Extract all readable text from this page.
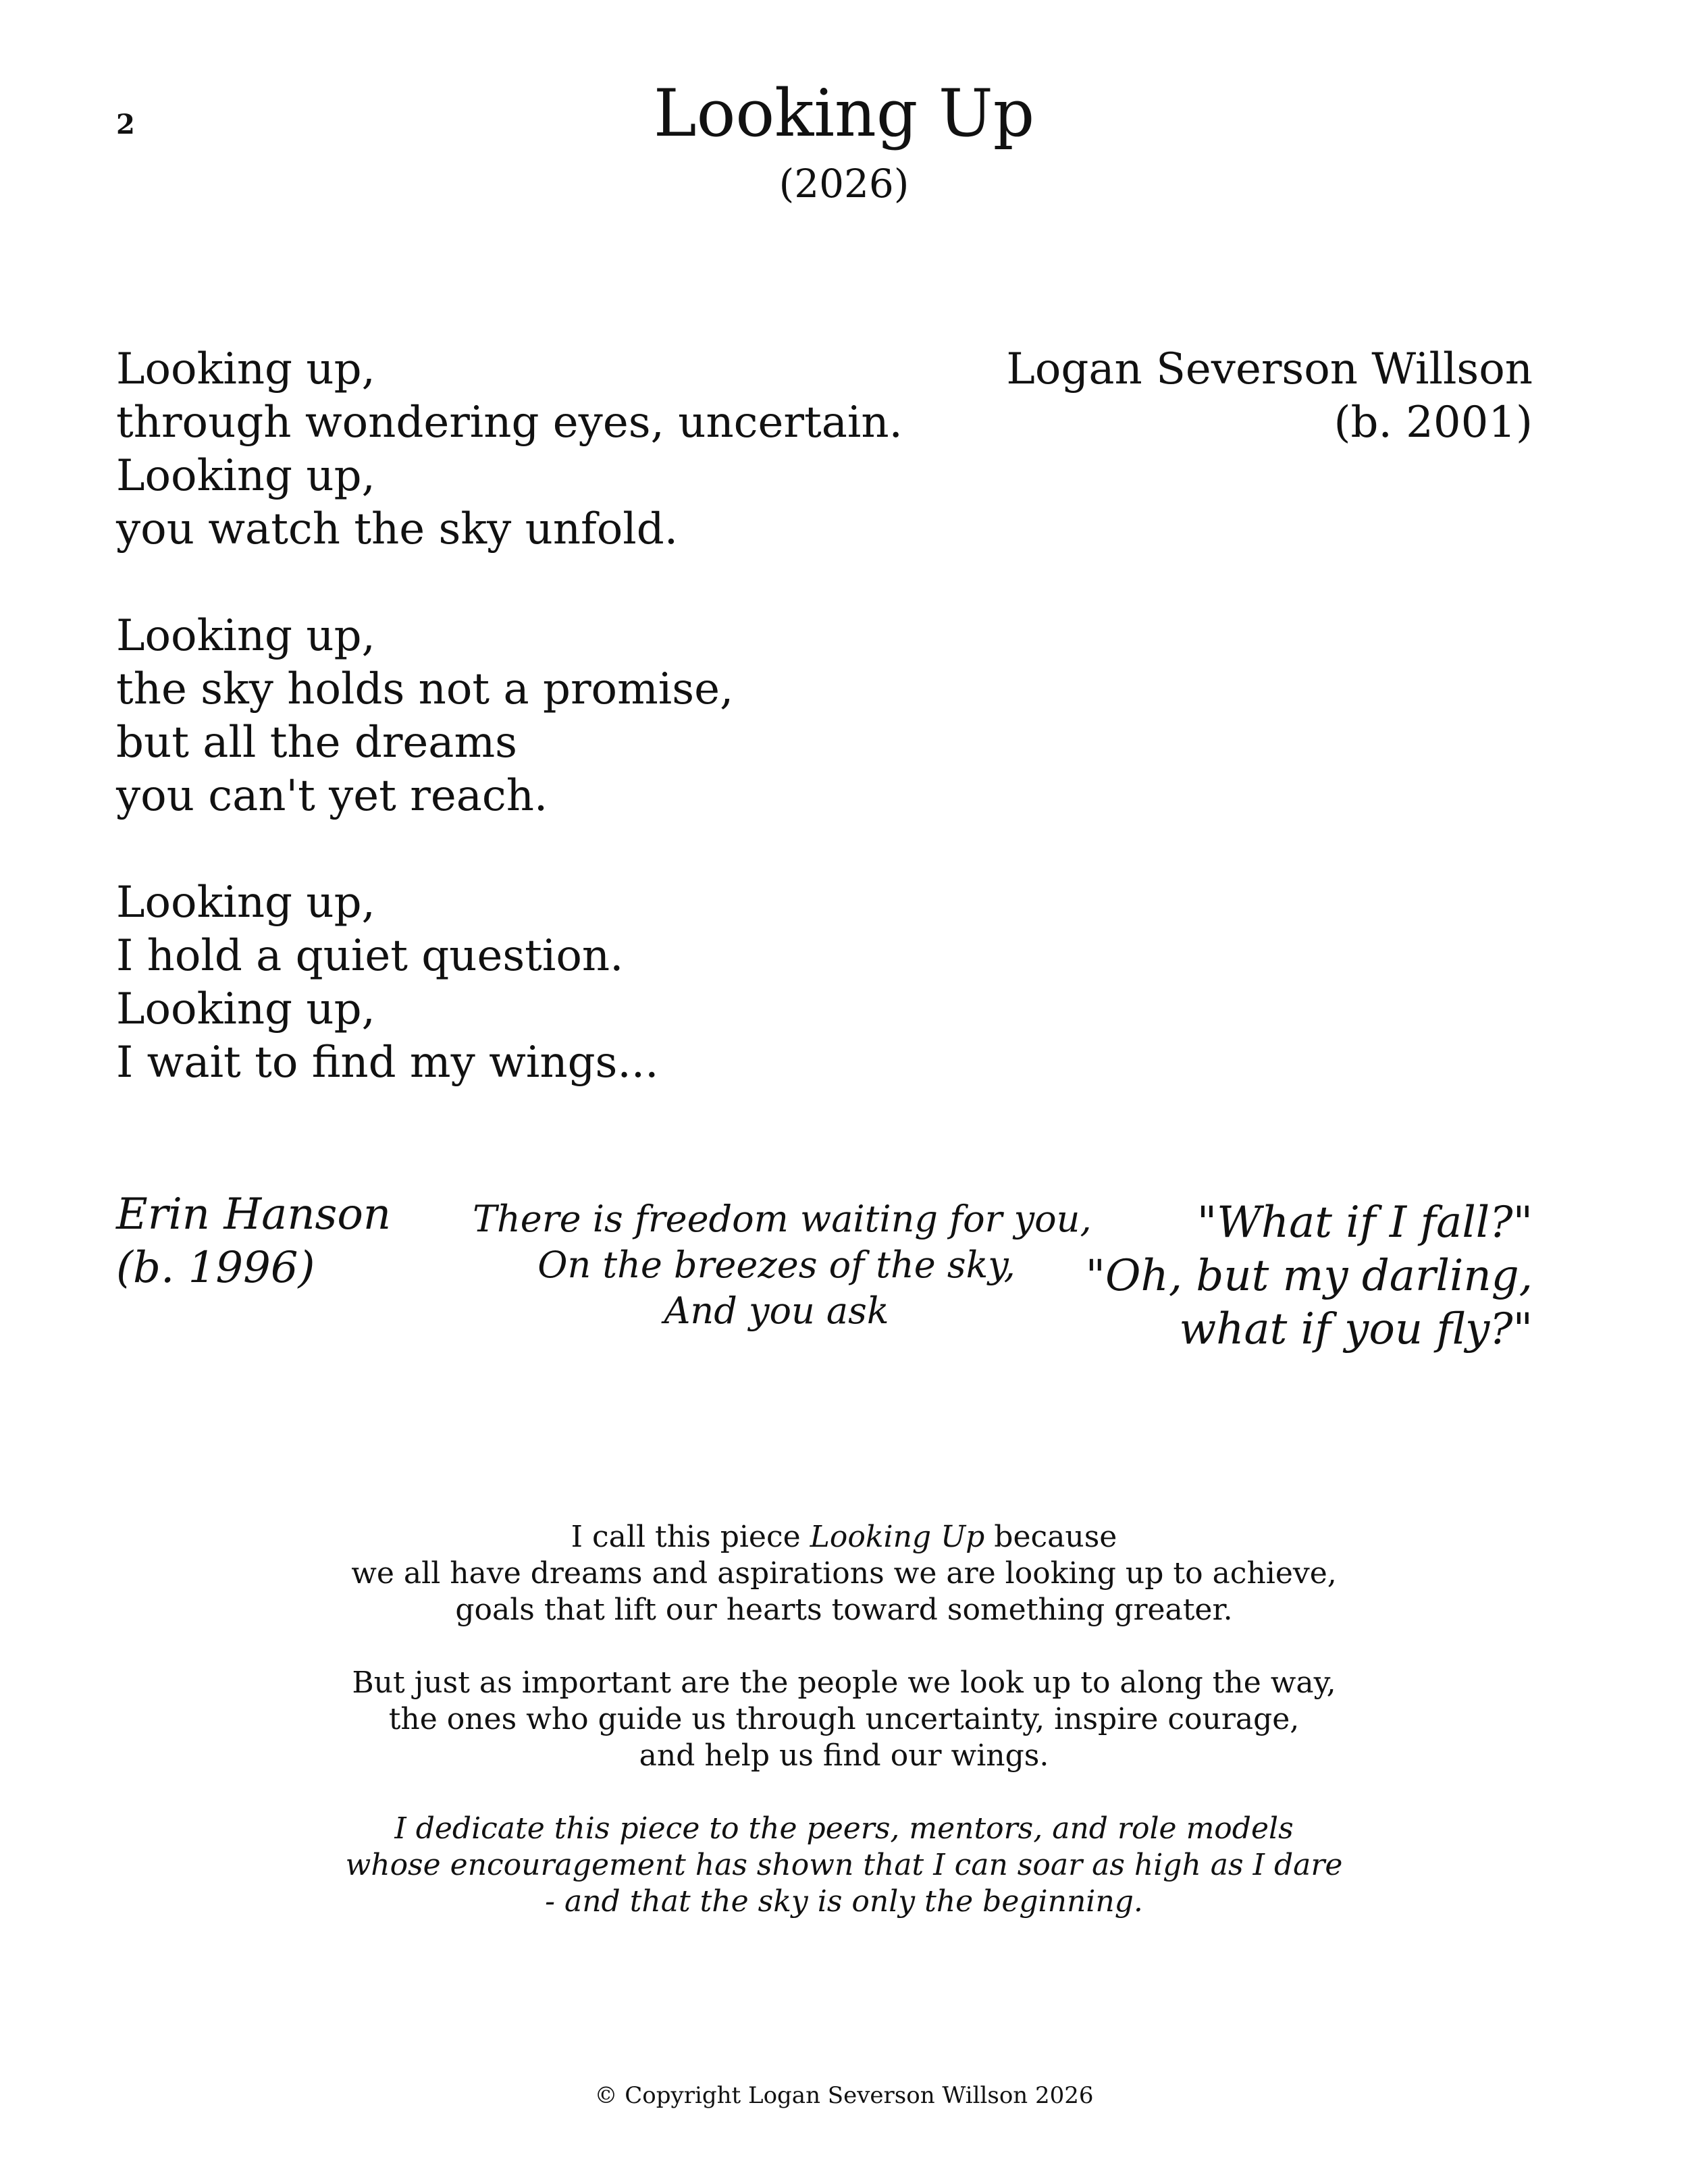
2	Looking Up
(2026)
Looking up,
through wondering eyes, uncertain.
Looking up,
you watch the sky unfold.
Looking up,
the sky holds not a promise,
but all the dreams
you can't yet reach.
Looking up,
I hold a quiet question.
Looking up,
I wait to find my wings...
Logan Severson Willson
(b. 2001)
Erin Hanson
(b. 1996)
There is freedom waiting for you,
On the breezes of the sky,
And you ask
"What if I fall?"
"Oh, but my darling,
what if you fly?"
I call this piece Looking Up because
we all have dreams and aspirations we are looking up to achieve,
goals that lift our hearts toward something greater.
But just as important are the people we look up to along the way,
the ones who guide us through uncertainty, inspire courage,
and help us find our wings.
I dedicate this piece to the peers, mentors, and role models
whose encouragement has shown that I can soar as high as I dare
- and that the sky is only the beginning.
© Copyright Logan Severson Willson 2026
